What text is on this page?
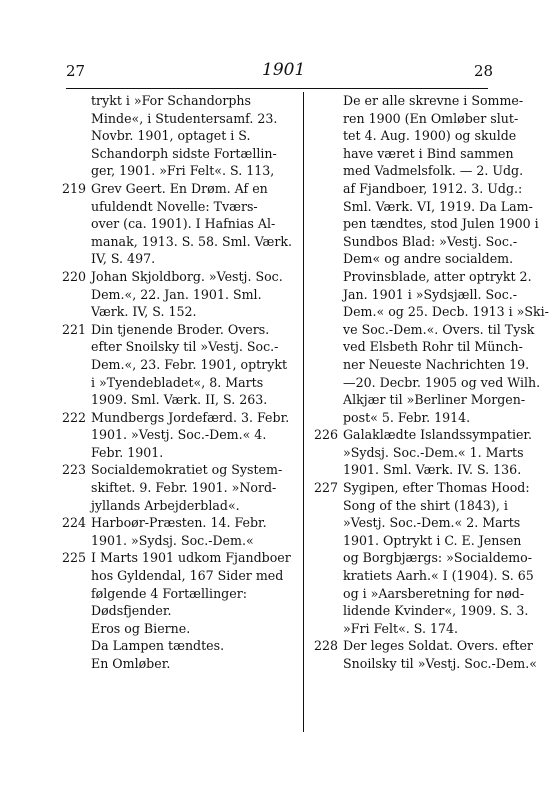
27	1901	28
trykt i »For Schandorphs
Minde«, i Studentersamf. 23.
Novbr. 1901, optaget i S.
Schandorph sidste Fortællin-
ger, 1901. »Fri Felt«. S. 113,
219 Grev Geert. En Drøm. Af en
ufuldendt Novelle: Tværs-
over (ca. 1901). I Hafnias Al-
manak, 1913. S. 58. Sml. Værk.
IV, S. 497.
220 Johan Skjoldborg. »Vestj. Soc.
Dem.«, 22. Jan. 1901. Sml.
Værk. IV, S. 152.
221 Din tjenende Broder. Overs.
efter Snoilsky til »Vestj. Soc.-
Dem.«, 23. Febr. 1901, optrykt
i »Tyendebladet«, 8. Marts
1909. Sml. Værk. II, S. 263.
222 Mundbergs Jordefærd. 3. Febr.
1901. »Vestj. Soc.-Dem.« 4.
Febr. 1901.
223 Socialdemokratiet og System-
skiftet. 9. Febr. 1901. »Nord-
jyllands Arbejderblad«.
224 Harboør-Præsten. 14. Febr.
1901. »Sydsj. Soc.-Dem.«
225 I Marts 1901 udkom Fjandboer
hos Gyldendal, 167 Sider med
følgende 4 Fortællinger:
Dødsfjender.
Eros og Bierne.
Da Lampen tændtes.
En Omløber.
De er alle skrevne i Somme-
ren 1900 (En Omløber slut-
tet 4. Aug. 1900) og skulde
have været i Bind sammen
med Vadmelsfolk. — 2. Udg.
af Fjandboer, 1912. 3. Udg.:
Sml. Værk. VI, 1919. Da Lam-
pen tændtes, stod Julen 1900 i
Sundbos Blad: »Vestj. Soc.-
Dem« og andre socialdem.
Provinsblade, atter optrykt 2.
Jan. 1901 i »Sydsjæll. Soc.-
Dem.« og 25. Decb. 1913 i »Ski-
ve Soc.-Dem.«. Overs. til Tysk
ved Elsbeth Rohr til Münch-
ner Neueste Nachrichten 19.
—20. Decbr. 1905 og ved Wilh.
Alkjær til »Berliner Morgen-
post« 5. Febr. 1914.
226 Galaklædte Islandssympatier.
»Sydsj. Soc.-Dem.« 1. Marts
1901. Sml. Værk. IV. S. 136.
227 Sygipen, efter Thomas Hood:
Song of the shirt (1843), i
»Vestj. Soc.-Dem.« 2. Marts
1901. Optrykt i C. E. Jensen
og Borgbjærgs: »Socialdemo-
kratiets Aarh.« I (1904). S. 65
og i »Aarsberetning for nød-
lidende Kvinder«, 1909. S. 3.
»Fri Felt«. S. 174.
228 Der leges Soldat. Overs. efter
Snoilsky til »Vestj. Soc.-Dem.«
